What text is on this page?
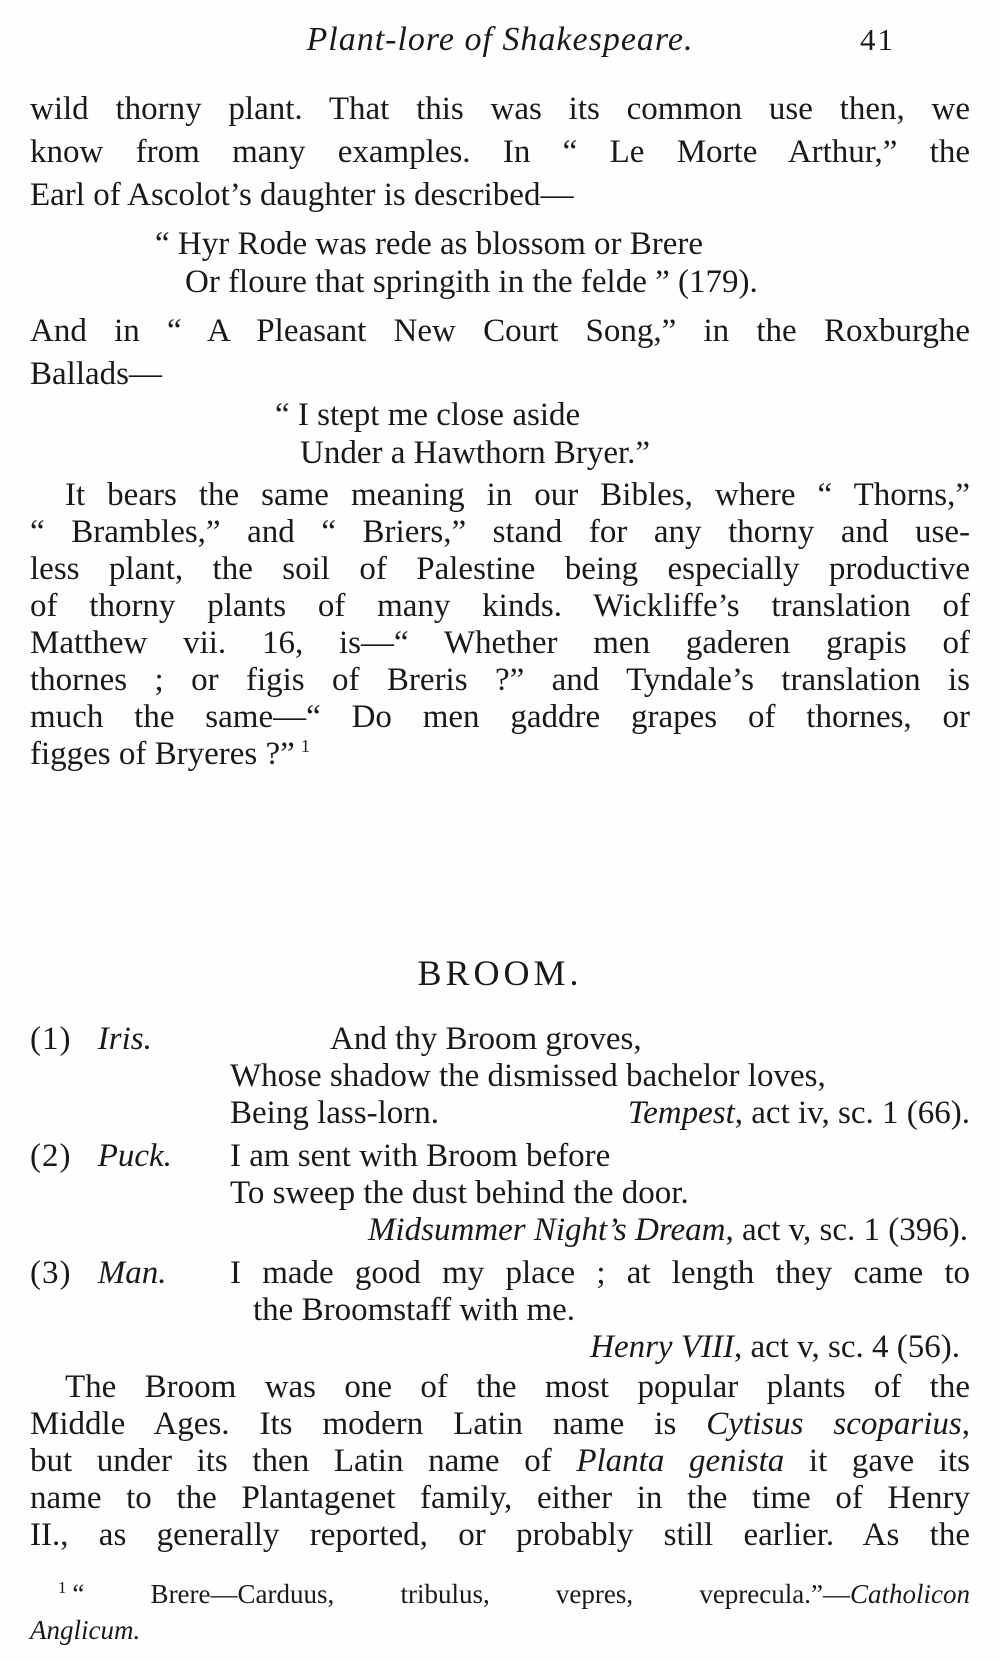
Plant-lore of Shakespeare.	41
wild thorny plant. That this was its common use then, we
know from many examples. In “ Le Morte Arthur,” the
Earl of Ascolot’s daughter is described—
“ Hyr Rode was rede as blossom or Brere
Or floure that springith in the felde ” (179).
And in “ A Pleasant New Court Song,” in the Roxburghe
Ballads—
“ I stept me close aside
Under a Hawthorn Bryer.”
It bears the same meaning in our Bibles, where “ Thorns,”
“ Brambles,” and “ Briers,” stand for any thorny and use-
less plant, the soil of Palestine being especially productive
of thorny plants of many kinds. Wickliffe’s translation of
Matthew vii. 16, is—“ Whether men gaderen grapis of
thornes ; or figis of Breris ?” and Tyndale’s translation is
much the same—“ Do men gaddre grapes of thornes, or
figges of Bryeres ?” $^1$
BROOM.
(1) Iris.	And thy Broom groves,
Whose shadow the dismissed bachelor loves,
Being lass-lorn.	Tempest, act iv, sc. 1 (66).
(2) Puck. I am sent with Broom before
To sweep the dust behind the door.
Midsummer Night’s Dream, act v, sc. 1 (396).
(3) Man. I made good my place ; at length they came to
the Broomstaff with me.
Henry VIII, act v, sc. 4 (56).
The Broom was one of the most popular plants of the
Middle Ages. Its modern Latin name is Cytisus scoparius,
but under its then Latin name of Planta genista it gave its
name to the Plantagenet family, either in the time of Henry
II., as generally reported, or probably still earlier. As the
$^1$ “ Brere—Carduus, tribulus, vepres, veprecula.”—Catholicon
Anglicum.
